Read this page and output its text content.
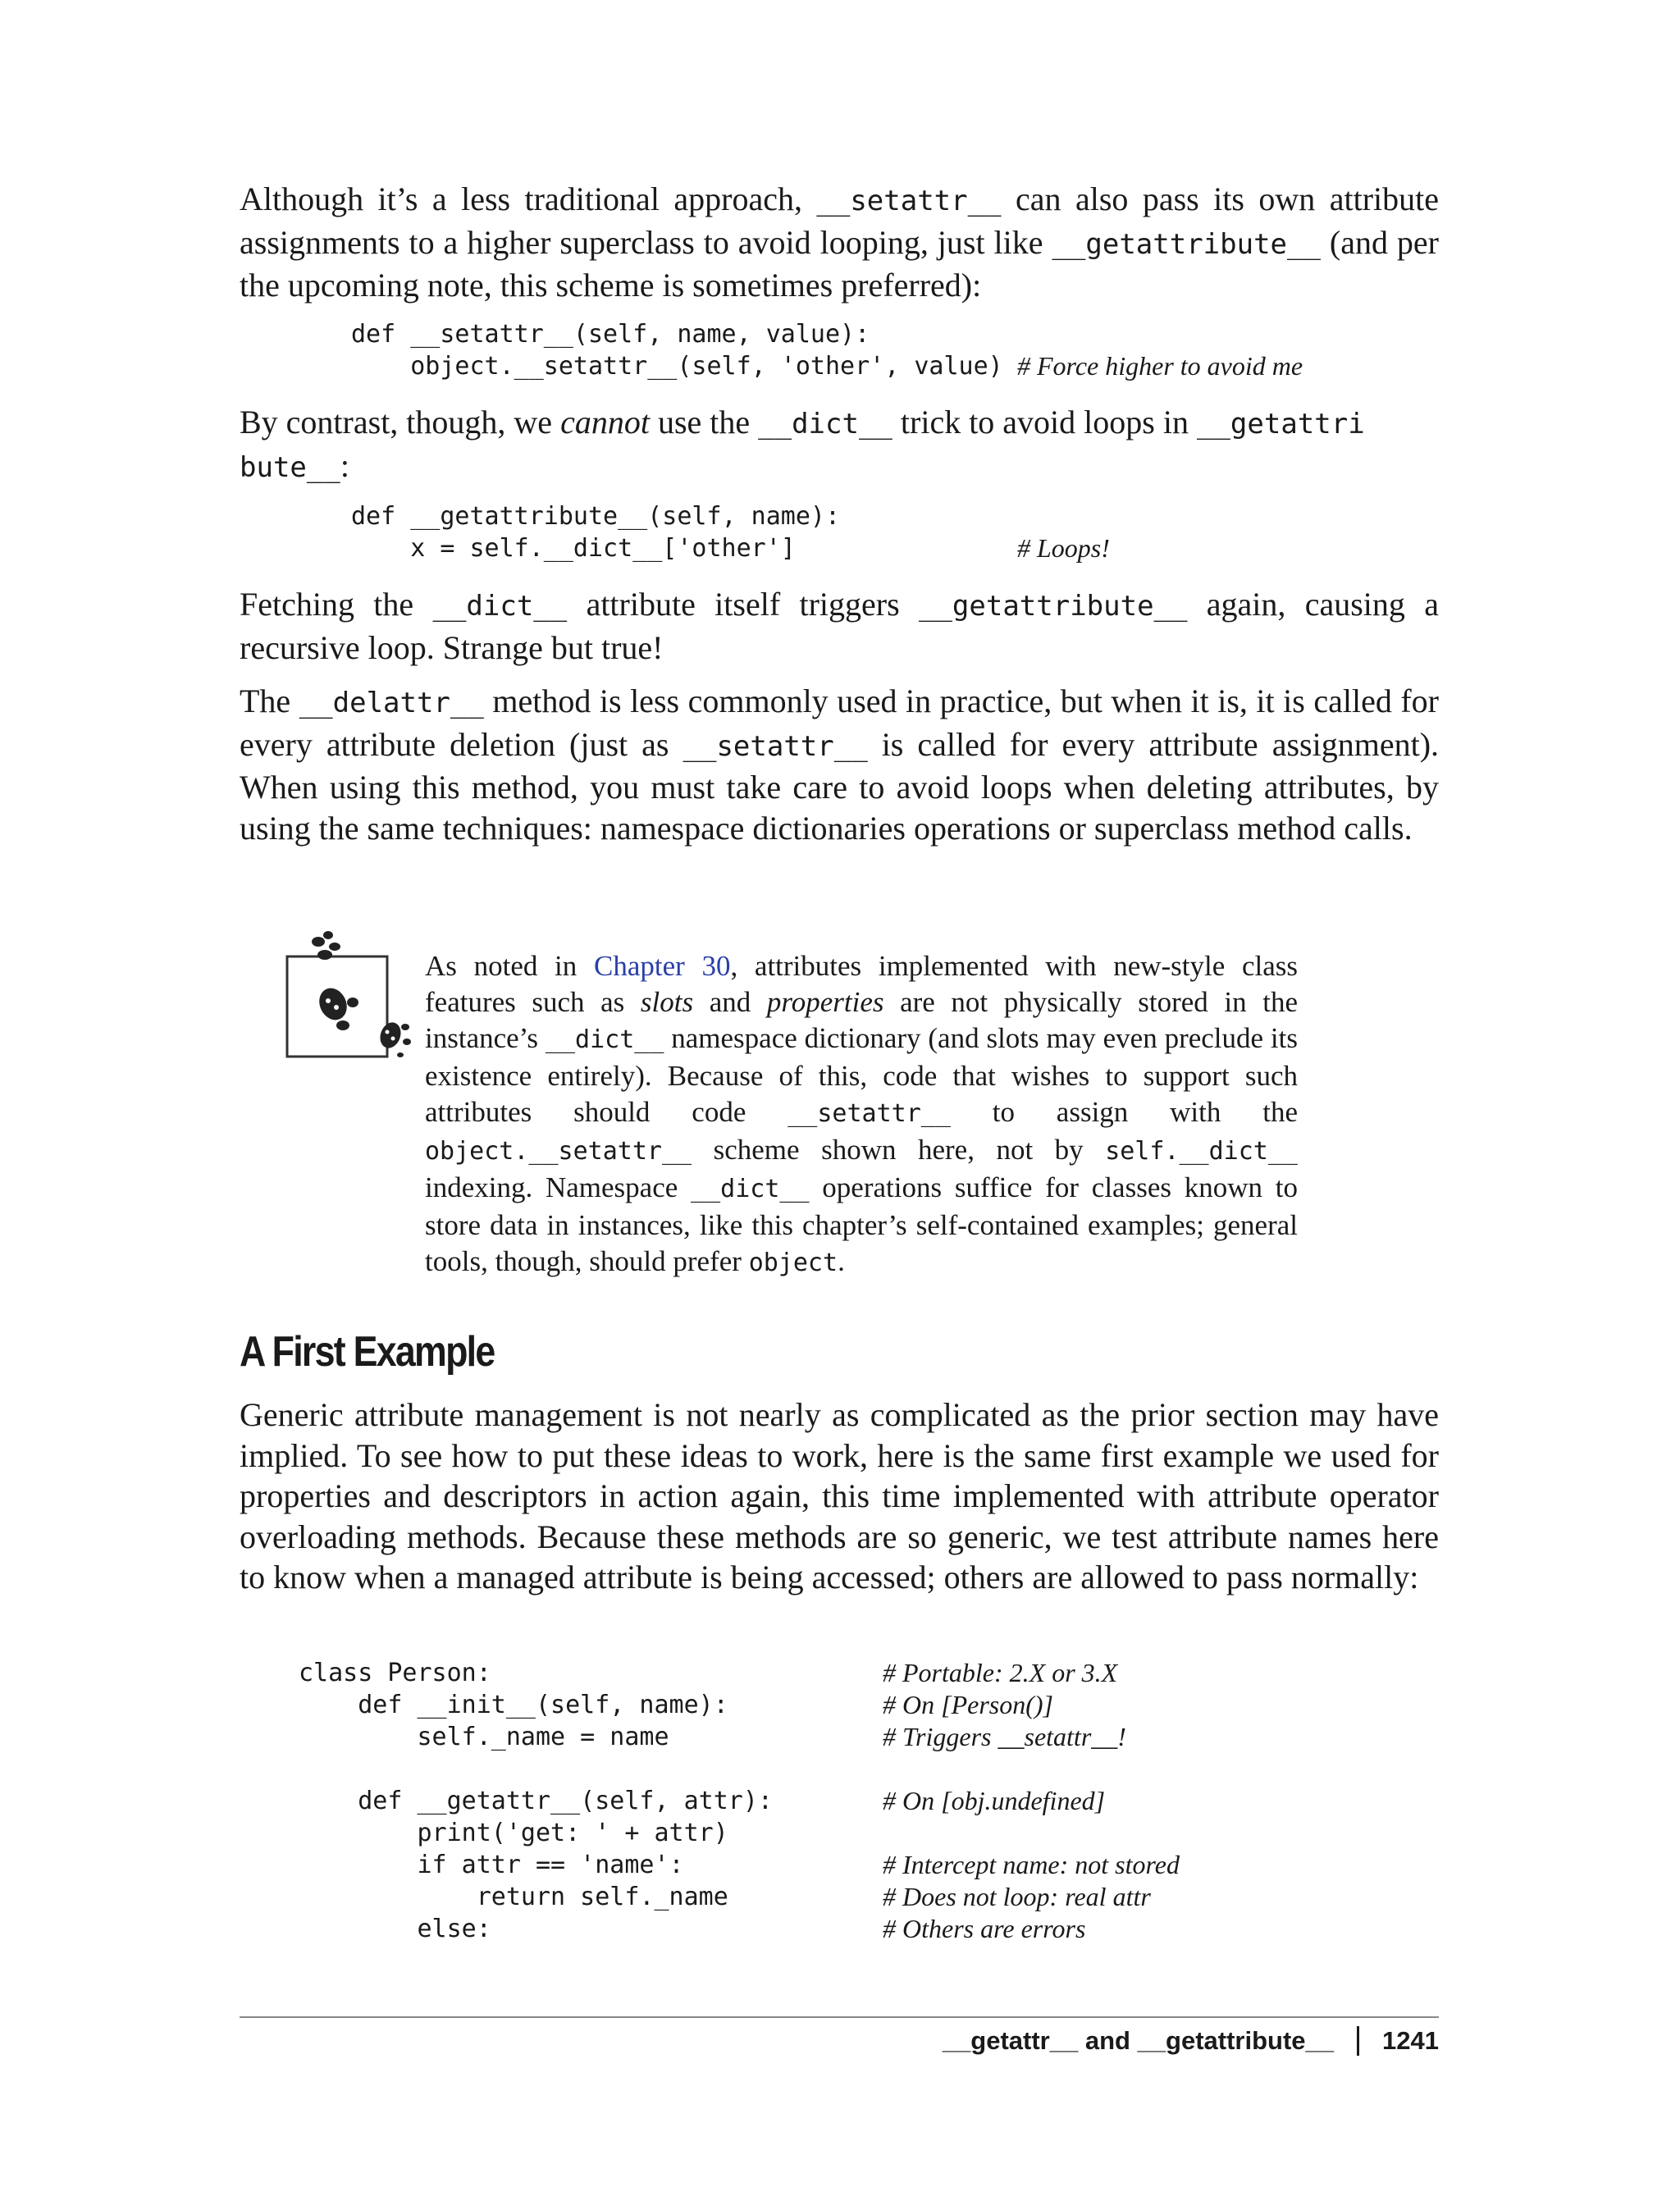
Although it’s a less traditional approach, __setattr__ can also pass its own attribute assignments to a higher superclass to avoid looping, just like __getattribute__ (and per the upcoming note, this scheme is sometimes preferred):

def __setattr__(self, name, value):
object.__setattr__(self, 'other', value) # Force higher to avoid me

By contrast, though, we cannot use the __dict__ trick to avoid loops in __getattri
bute__:

def __getattribute__(self, name):
x = self.__dict__['other']	# Loops!

Fetching the __dict__ attribute itself triggers __getattribute__ again, causing a recursive loop. Strange but true!

The __delattr__ method is less commonly used in practice, but when it is, it is called for every attribute deletion (just as __setattr__ is called for every attribute assignment). When using this method, you must take care to avoid loops when deleting attributes, by using the same techniques: namespace dictionaries operations or superclass method calls.

As noted in Chapter 30, attributes implemented with new-style class features such as slots and properties are not physically stored in the instance’s __dict__ namespace dictionary (and slots may even preclude its existence entirely). Because of this, code that wishes to support such attributes should code __setattr__ to assign with the object.__setattr__ scheme shown here, not by self.__dict__ indexing. Namespace __dict__ operations suffice for classes known to store data in instances, like this chapter’s self-contained examples; general tools, though, should prefer object.

A First Example

Generic attribute management is not nearly as complicated as the prior section may have implied. To see how to put these ideas to work, here is the same first example we used for properties and descriptors in action again, this time implemented with attribute operator overloading methods. Because these methods are so generic, we test attribute names here to know when a managed attribute is being accessed; others are allowed to pass normally:

class Person:	# Portable: 2.X or 3.X
def __init__(self, name):	# On [Person()]
self._name = name	# Triggers __setattr__!
def __getattr__(self, attr):	# On [obj.undefined]
print('get: ' + attr)
if attr == 'name':	# Intercept name: not stored
return self._name	# Does not loop: real attr
else:	# Others are errors
__getattr__ and __getattribute__ 1241
